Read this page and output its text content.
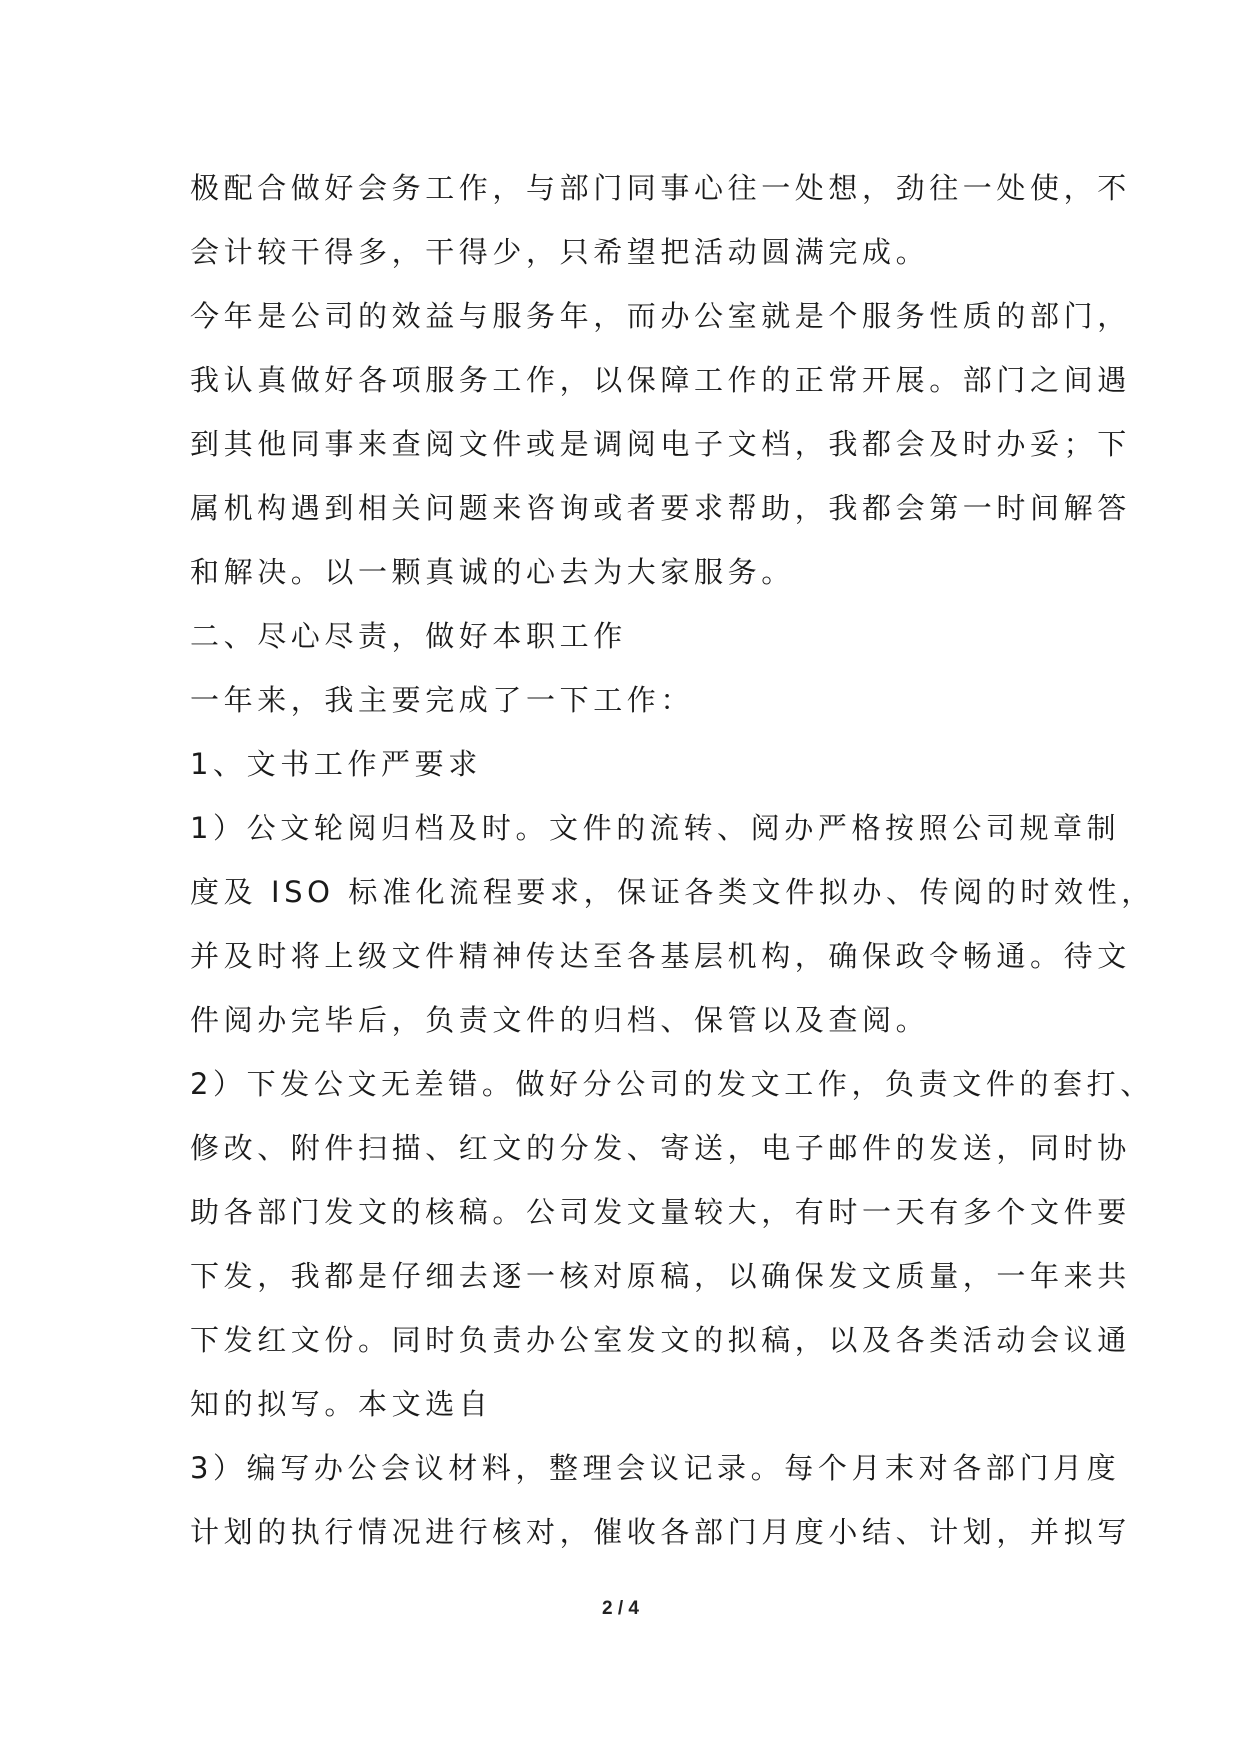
极配合做好会务工作，与部门同事心往一处想，劲往一处使，不
会计较干得多，干得少，只希望把活动圆满完成。
今年是公司的效益与服务年，而办公室就是个服务性质的部门，
我认真做好各项服务工作，以保障工作的正常开展。部门之间遇
到其他同事来查阅文件或是调阅电子文档，我都会及时办妥；下
属机构遇到相关问题来咨询或者要求帮助，我都会第一时间解答
和解决。以一颗真诚的心去为大家服务。
二、尽心尽责，做好本职工作
一年来，我主要完成了一下工作：
1、文书工作严要求
1）公文轮阅归档及时。文件的流转、阅办严格按照公司规章制
度及 ISO 标准化流程要求，保证各类文件拟办、传阅的时效性，
并及时将上级文件精神传达至各基层机构，确保政令畅通。待文
件阅办完毕后，负责文件的归档、保管以及查阅。
2）下发公文无差错。做好分公司的发文工作，负责文件的套打、
修改、附件扫描、红文的分发、寄送，电子邮件的发送，同时协
助各部门发文的核稿。公司发文量较大，有时一天有多个文件要
下发，我都是仔细去逐一核对原稿，以确保发文质量，一年来共
下发红文份。同时负责办公室发文的拟稿，以及各类活动会议通
知的拟写。本文选自
3）编写办公会议材料，整理会议记录。每个月末对各部门月度
计划的执行情况进行核对，催收各部门月度小结、计划，并拟写
2 / 4
